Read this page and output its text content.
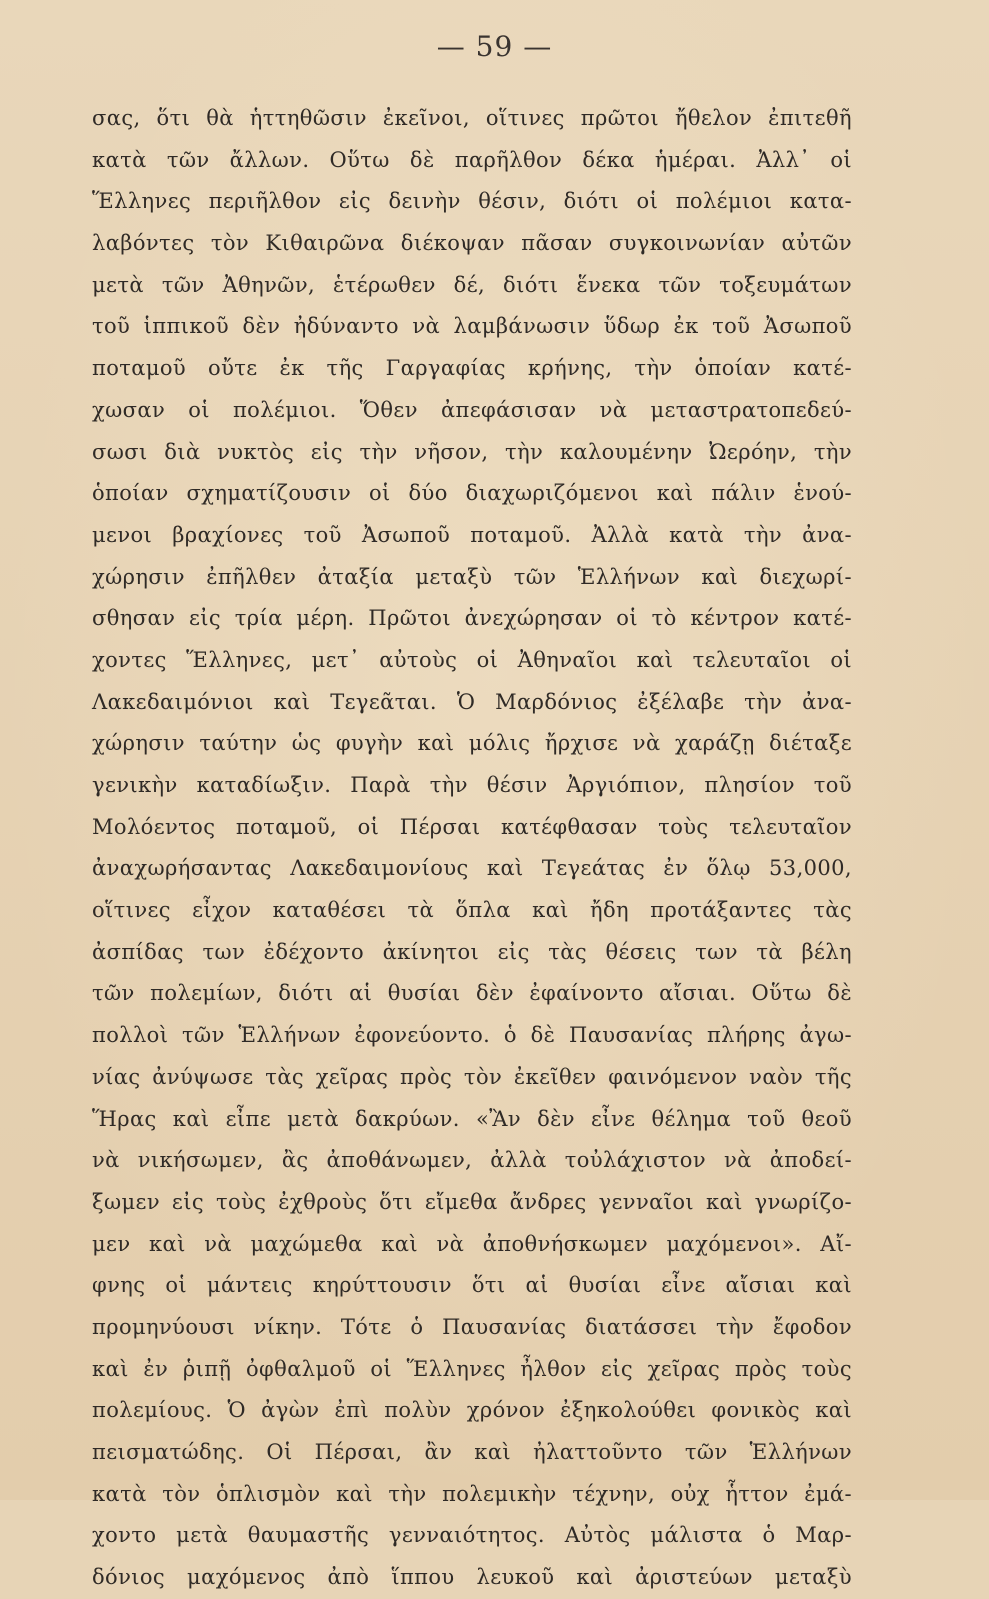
— 59 —
σας, ὅτι θὰ ἡττηθῶσιν ἐκεῖνοι, οἵτινες πρῶτοι ἤθελον ἐπιτεθῆ
κατὰ τῶν ἄλλων. Οὕτω δὲ παρῆλθον δέκα ἡμέραι. Ἀλλ᾽ οἱ
Ἕλληνες περιῆλθον εἰς δεινὴν θέσιν, διότι οἱ πολέμιοι κατα-
λαβόντες τὸν Κιθαιρῶνα διέκοψαν πᾶσαν συγκοινωνίαν αὐτῶν
μετὰ τῶν Ἀθηνῶν, ἑτέρωθεν δέ, διότι ἕνεκα τῶν τοξευμάτων
τοῦ ἱππικοῦ δὲν ἠδύναντο νὰ λαμβάνωσιν ὕδωρ ἐκ τοῦ Ἀσωποῦ
ποταμοῦ οὔτε ἐκ τῆς Γαργαφίας κρήνης, τὴν ὁποίαν κατέ-
χωσαν οἱ πολέμιοι. Ὅθεν ἀπεφάσισαν νὰ μεταστρατοπεδεύ-
σωσι διὰ νυκτὸς εἰς τὴν νῆσον, τὴν καλουμένην Ὠερόην, τὴν
ὁποίαν σχηματίζουσιν οἱ δύο διαχωριζόμενοι καὶ πάλιν ἑνού-
μενοι βραχίονες τοῦ Ἀσωποῦ ποταμοῦ. Ἀλλὰ κατὰ τὴν ἀνα-
χώρησιν ἐπῆλθεν ἀταξία μεταξὺ τῶν Ἑλλήνων καὶ διεχωρί-
σθησαν εἰς τρία μέρη. Πρῶτοι ἀνεχώρησαν οἱ τὸ κέντρον κατέ-
χοντες Ἕλληνες, μετ᾽ αὐτοὺς οἱ Ἀθηναῖοι καὶ τελευταῖοι οἱ
Λακεδαιμόνιοι καὶ Τεγεᾶται. Ὁ Μαρδόνιος ἐξέλαβε τὴν ἀνα-
χώρησιν ταύτην ὡς φυγὴν καὶ μόλις ἤρχισε νὰ χαράζῃ διέταξε
γενικὴν καταδίωξιν. Παρὰ τὴν θέσιν Ἀργιόπιον, πλησίον τοῦ
Μολόεντος ποταμοῦ, οἱ Πέρσαι κατέφθασαν τοὺς τελευταῖον
ἀναχωρήσαντας Λακεδαιμονίους καὶ Τεγεάτας ἐν ὅλῳ 53,000,
οἵτινες εἶχον καταθέσει τὰ ὅπλα καὶ ἤδη προτάξαντες τὰς
ἀσπίδας των ἐδέχοντο ἀκίνητοι εἰς τὰς θέσεις των τὰ βέλη
τῶν πολεμίων, διότι αἱ θυσίαι δὲν ἐφαίνοντο αἴσιαι. Οὕτω δὲ
πολλοὶ τῶν Ἑλλήνων ἐφονεύοντο. ὁ δὲ Παυσανίας πλήρης ἀγω-
νίας ἀνύψωσε τὰς χεῖρας πρὸς τὸν ἐκεῖθεν φαινόμενον ναὸν τῆς
Ἥρας καὶ εἶπε μετὰ δακρύων. «Ἂν δὲν εἶνε θέλημα τοῦ θεοῦ
νὰ νικήσωμεν, ἂς ἀποθάνωμεν, ἀλλὰ τοὐλάχιστον νὰ ἀποδεί-
ξωμεν εἰς τοὺς ἐχθροὺς ὅτι εἴμεθα ἄνδρες γενναῖοι καὶ γνωρίζο-
μεν καὶ νὰ μαχώμεθα καὶ νὰ ἀποθνήσκωμεν μαχόμενοι». Αἴ-
φνης οἱ μάντεις κηρύττουσιν ὅτι αἱ θυσίαι εἶνε αἴσιαι καὶ
προμηνύουσι νίκην. Τότε ὁ Παυσανίας διατάσσει τὴν ἔφοδον
καὶ ἐν ῥιπῇ ὀφθαλμοῦ οἱ Ἕλληνες ἦλθον εἰς χεῖρας πρὸς τοὺς
πολεμίους. Ὁ ἀγὼν ἐπὶ πολὺν χρόνον ἐξηκολούθει φονικὸς καὶ
πεισματώδης. Οἱ Πέρσαι, ἂν καὶ ἠλαττοῦντο τῶν Ἑλλήνων
κατὰ τὸν ὁπλισμὸν καὶ τὴν πολεμικὴν τέχνην, οὐχ ἧττον ἐμά-
χοντο μετὰ θαυμαστῆς γενναιότητος. Αὐτὸς μάλιστα ὁ Μαρ-
δόνιος μαχόμενος ἀπὸ ἵππου λευκοῦ καὶ ἀριστεύων μεταξὺ
